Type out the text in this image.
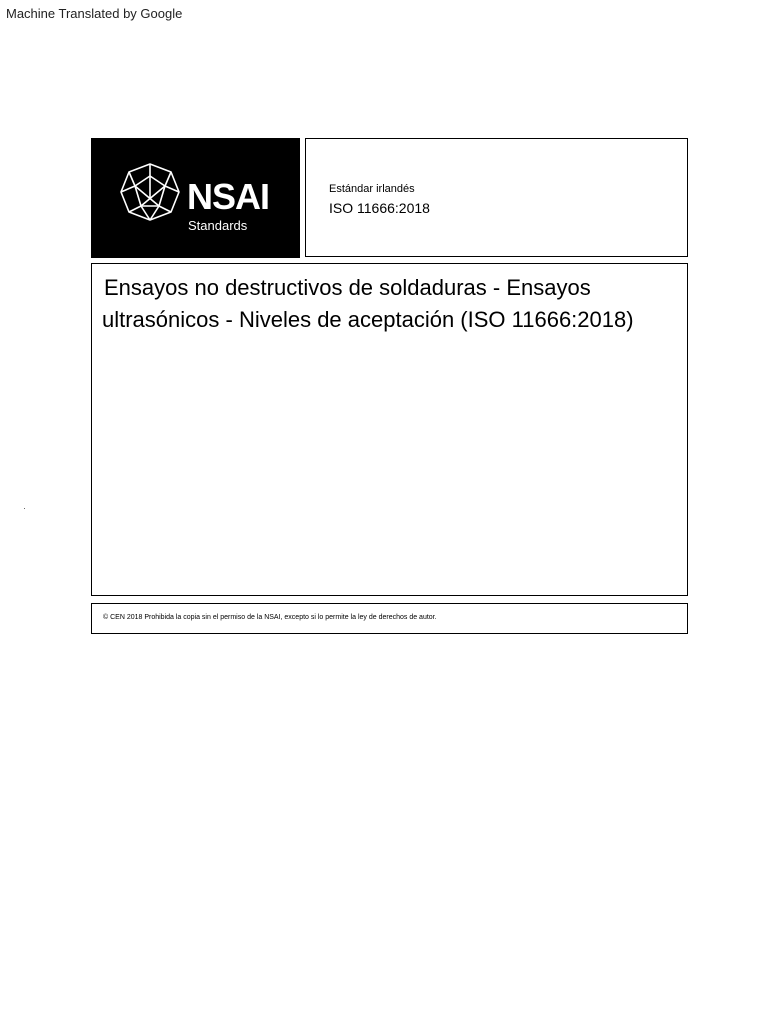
Machine Translated by Google
NSAI
Standards
Estándar irlandés
ISO 11666:2018
Ensayos no destructivos de soldaduras - Ensayos
ultrasónicos - Niveles de aceptación (ISO 11666:2018)
© CEN 2018 Prohibida la copia sin el permiso de la NSAI, excepto si lo permite la ley de derechos de autor.
